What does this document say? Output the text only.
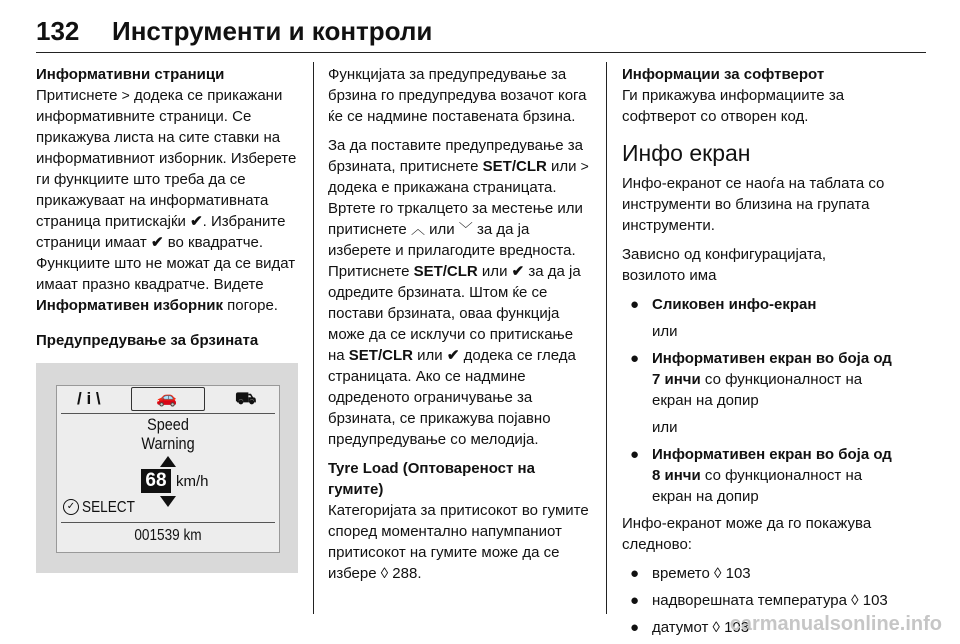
132 Инструменти и контроли

Информативни страници

Притиснете > додека се прикажани информативните страници. Се прикажува листа на сите ставки на информативниот изборник. Изберете ги функциите што треба да се прикажуваат на информативната страница притискајќи ✔. Избраните страници имаат ✔ во квадратче. Функциите што не можат да се видат имаат празно квадратче. Видете Информативен изборник погоре.

Предупредување за брзината

/ i \	🚗	⛟
Speed
Warning
68 km/h
✓ SELECT
001539 km

Функцијата за предупредување за брзина го предупредува возачот кога ќе се надмине поставената брзина.

За да поставите предупредување за брзината, притиснете SET/CLR или > додека е прикажана страницата. Вртете го тркалцето за местење или притиснете ︿ или ﹀ за да ја изберете и прилагодите вредноста. Притиснете SET/CLR или ✔ за да ја одредите брзината. Штом ќе се постави брзината, оваа функција може да се исклучи со притискање на SET/CLR или ✔ додека се гледа страницата. Ако се надмине одреденото ограничување за брзината, се прикажува појавно предупредување со мелодија.

Tyre Load (Оптовареност на гумите)

Категоријата за притисокот во гумите според моментално напумпаниот притисокот на гумите може да се избере ◊ 288.

Информации за софтверот

Ги прикажува информациите за софтверот со отворен код.

Инфо екран

Инфо-екранот се наоѓа на таблата со инструменти во близина на групата инструменти.

Зависно од конфигурацијата, возилото има

● Сликовен инфо-екран

или

● Информативен екран во боја од 7 инчи со функционалност на екран на допир

или

● Информативен екран во боја од 8 инчи со функционалност на екран на допир

Инфо-екранот може да го покажува следново:

● времето ◊ 103
● надворешната температура ◊ 103
● датумот ◊ 103
carmanualsonline.info
